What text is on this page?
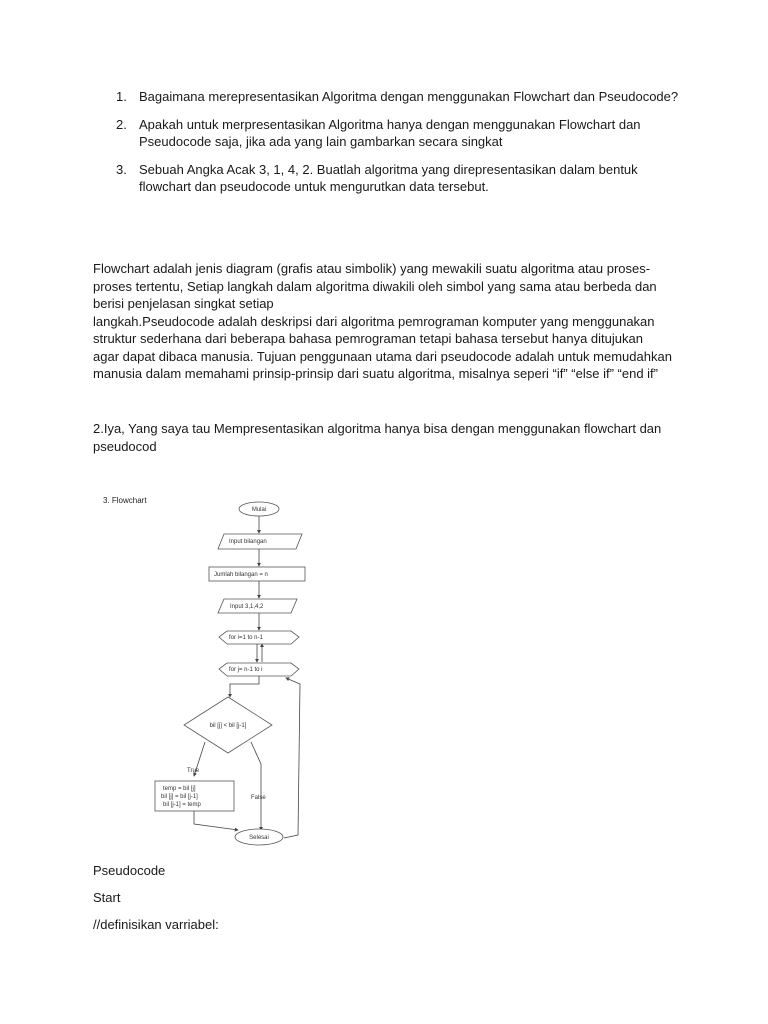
1. Bagaimana merepresentasikan Algoritma dengan menggunakan Flowchart dan Pseudocode?
2. Apakah untuk merpresentasikan Algoritma hanya dengan menggunakan Flowchart dan Pseudocode saja, jika ada yang lain gambarkan secara singkat
3. Sebuah Angka Acak 3, 1, 4, 2. Buatlah algoritma yang direpresentasikan dalam bentuk flowchart dan pseudocode untuk mengurutkan data tersebut.

Flowchart adalah jenis diagram (grafis atau simbolik) yang mewakili suatu algoritma atau proses-
proses tertentu, Setiap langkah dalam algoritma diwakili oleh simbol yang sama atau berbeda dan
berisi penjelasan singkat setiap
langkah.Pseudocode adalah deskripsi dari algoritma pemrograman komputer yang menggunakan
struktur sederhana dari beberapa bahasa pemrograman tetapi bahasa tersebut hanya ditujukan
agar dapat dibaca manusia. Tujuan penggunaan utama dari pseudocode adalah untuk memudahkan
manusia dalam memahami prinsip-prinsip dari suatu algoritma, misalnya seperi “if” “else if” “end if”

2.Iya, Yang saya tau Mempresentasikan algoritma hanya bisa dengan menggunakan flowchart dan
pseudocod

3. Flowchart
Mulai
Input bilangan
Jumlah bilangan = n
Input 3,1,4,2
for i=1 to n-1
for j= n-1 to i
bil [j] < bil [j-1]
True
False
temp = bil [j]
bil [j] = bil [j-1]
bil [j-1] = temp
Selesai

Pseudocode

Start

//definisikan varriabel:
